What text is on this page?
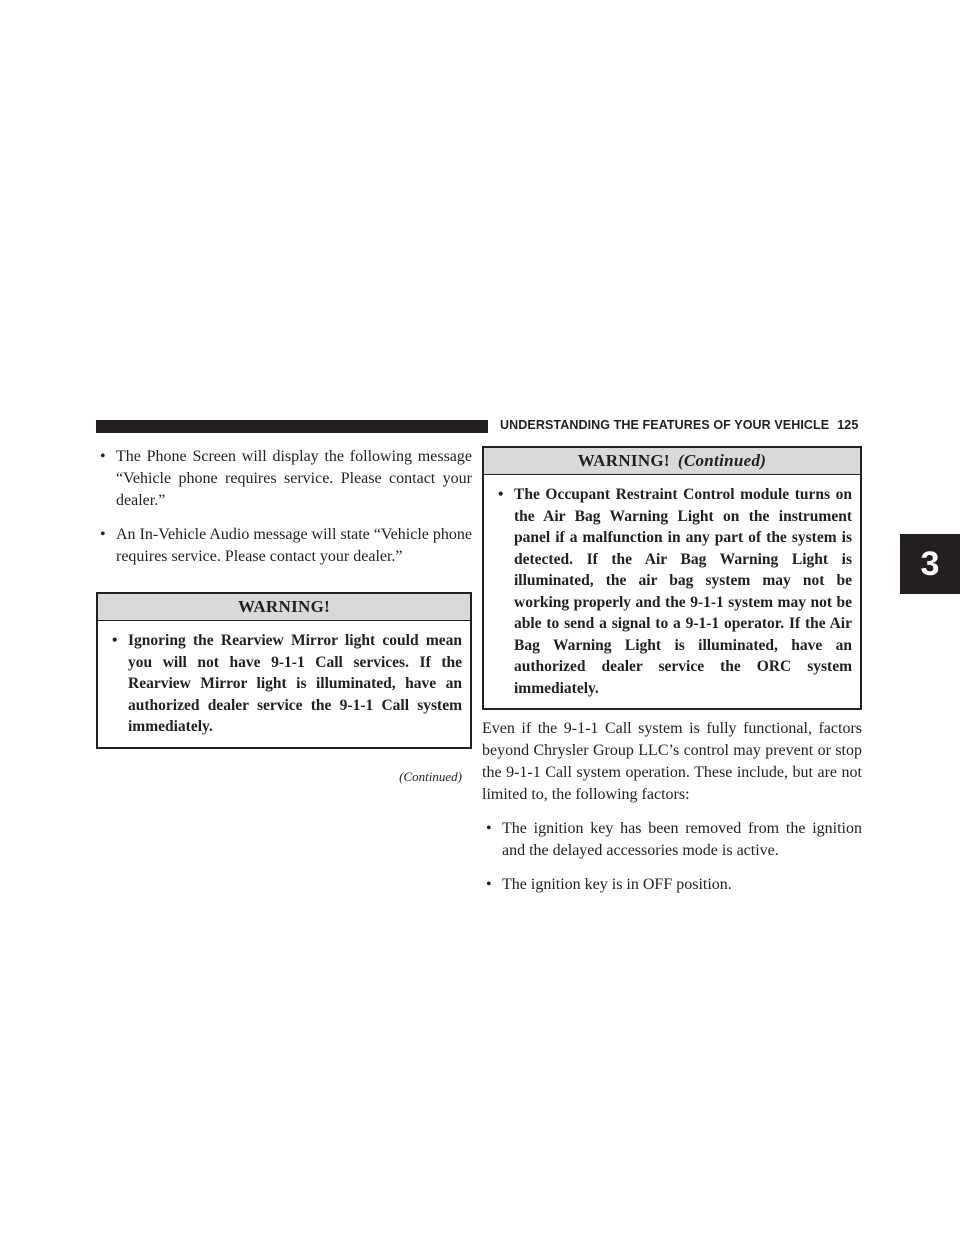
UNDERSTANDING THE FEATURES OF YOUR VEHICLE 125
3
• The Phone Screen will display the following message “Vehicle phone requires service. Please contact your dealer.”
• An In-Vehicle Audio message will state “Vehicle phone requires service. Please contact your dealer.”
WARNING!
• Ignoring the Rearview Mirror light could mean you will not have 9-1-1 Call services. If the Rearview Mirror light is illuminated, have an authorized dealer service the 9-1-1 Call system immediately.
(Continued)
WARNING! (Continued)
• The Occupant Restraint Control module turns on the Air Bag Warning Light on the instrument panel if a malfunction in any part of the system is detected. If the Air Bag Warning Light is illuminated, the air bag system may not be working properly and the 9-1-1 system may not be able to send a signal to a 9-1-1 operator. If the Air Bag Warning Light is illuminated, have an authorized dealer service the ORC system immediately.

Even if the 9-1-1 Call system is fully functional, factors beyond Chrysler Group LLC’s control may prevent or stop the 9-1-1 Call system operation. These include, but are not limited to, the following factors:

• The ignition key has been removed from the ignition and the delayed accessories mode is active.
• The ignition key is in OFF position.
